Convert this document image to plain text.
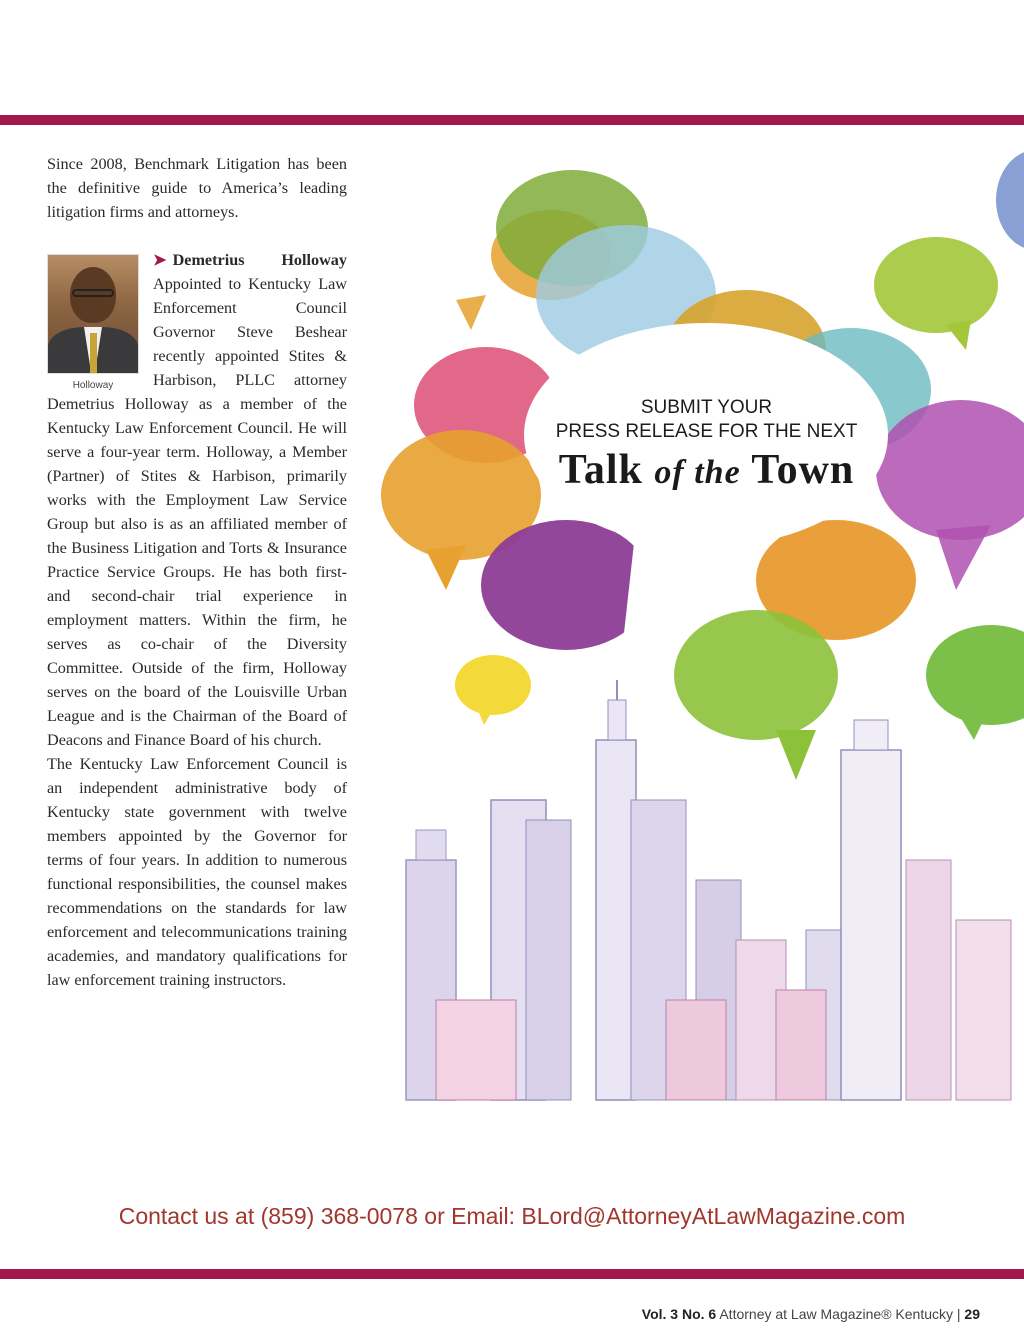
Since 2008, Benchmark Litigation has been the definitive guide to America’s leading litigation firms and attorneys.
Holloway

➤ Demetrius Holloway Appointed to Kentucky Law Enforcement Council Governor Steve Beshear recently appointed Stites & Harbison, PLLC attorney Demetrius Holloway as a member of the Kentucky Law Enforcement Council. He will serve a four-year term. Holloway, a Member (Partner) of Stites & Harbison, primarily works with the Employment Law Service Group but also is as an affiliated member of the Business Litigation and Torts & Insurance Practice Service Groups. He has both first- and second-chair trial experience in employment matters. Within the firm, he serves as co-chair of the Diversity Committee. Outside of the firm, Holloway serves on the board of the Louisville Urban League and is the Chairman of the Board of Deacons and Finance Board of his church.

The Kentucky Law Enforcement Council is an independent administrative body of Kentucky state government with twelve members appointed by the Governor for terms of four years. In addition to numerous functional responsibilities, the counsel makes recommendations on the standards for law enforcement and telecommunications training academies, and mandatory qualifications for law enforcement training instructors.

SUBMIT YOUR
PRESS RELEASE FOR THE NEXT
Talk of the Town
Contact us at (859) 368-0078 or Email: BLord@AttorneyAtLawMagazine.com
Vol. 3 No. 6 Attorney at Law Magazine® Kentucky | 29
